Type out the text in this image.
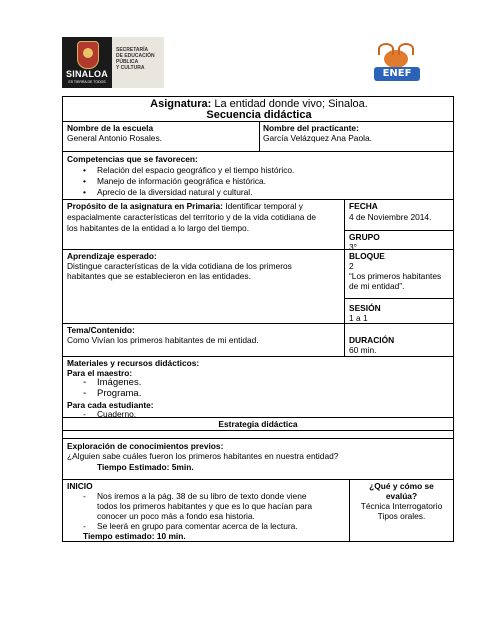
SINALOA
ES TIERRA DE TODOS
SECRETARÍA
DE EDUCACIÓN
PÚBLICA
Y CULTURA	ENEF
Asignatura: La entidad donde vivo; Sinaloa.
Secuencia didáctica
Nombre de la escuela
General Antonio Rosales.
Nombre del practicante:
García Velázquez Ana Paola.
Competencias que se favorecen:
• Relación del espacio geográfico y el tiempo histórico.
• Manejo de información geográfica e histórica.
• Aprecio de la diversidad natural y cultural.
Propósito de la asignatura en Primaria: Identificar temporal y
espacialmente características del territorio y de la vida cotidiana de
los habitantes de la entidad a lo largo del tiempo.
FECHA
4 de Noviembre 2014.
GRUPO
3°
Aprendizaje esperado:
Distingue características de la vida cotidiana de los primeros
habitantes que se establecieron en las entidades.
BLOQUE
2
“Los primeros habitantes
de mi entidad”.
SESIÓN
1 a 1
Tema/Contenido:
Como Vivían los primeros habitantes de mi entidad.	DURACIÓN
60 min.
Materiales y recursos didácticos:
Para el maestro:
- Imágenes.
- Programa.
Para cada estudiante:
- Cuaderno.
Estrategia didáctica
Exploración de conocimientos previos:
¿Alguien sabe cuáles fueron los primeros habitantes en nuestra entidad?
Tiempo Estimado: 5min.
INICIO
- Nos iremos a la pág. 38 de su libro de texto donde viene
todos los primeros habitantes y que es lo que hacían para
conocer un poco más a fondo esa historia.
- Se leerá en grupo para comentar acerca de la lectura.
Tiempo estimado: 10 min.
¿Qué y cómo se
evalúa?
Técnica Interrogatorio
Tipos orales.
